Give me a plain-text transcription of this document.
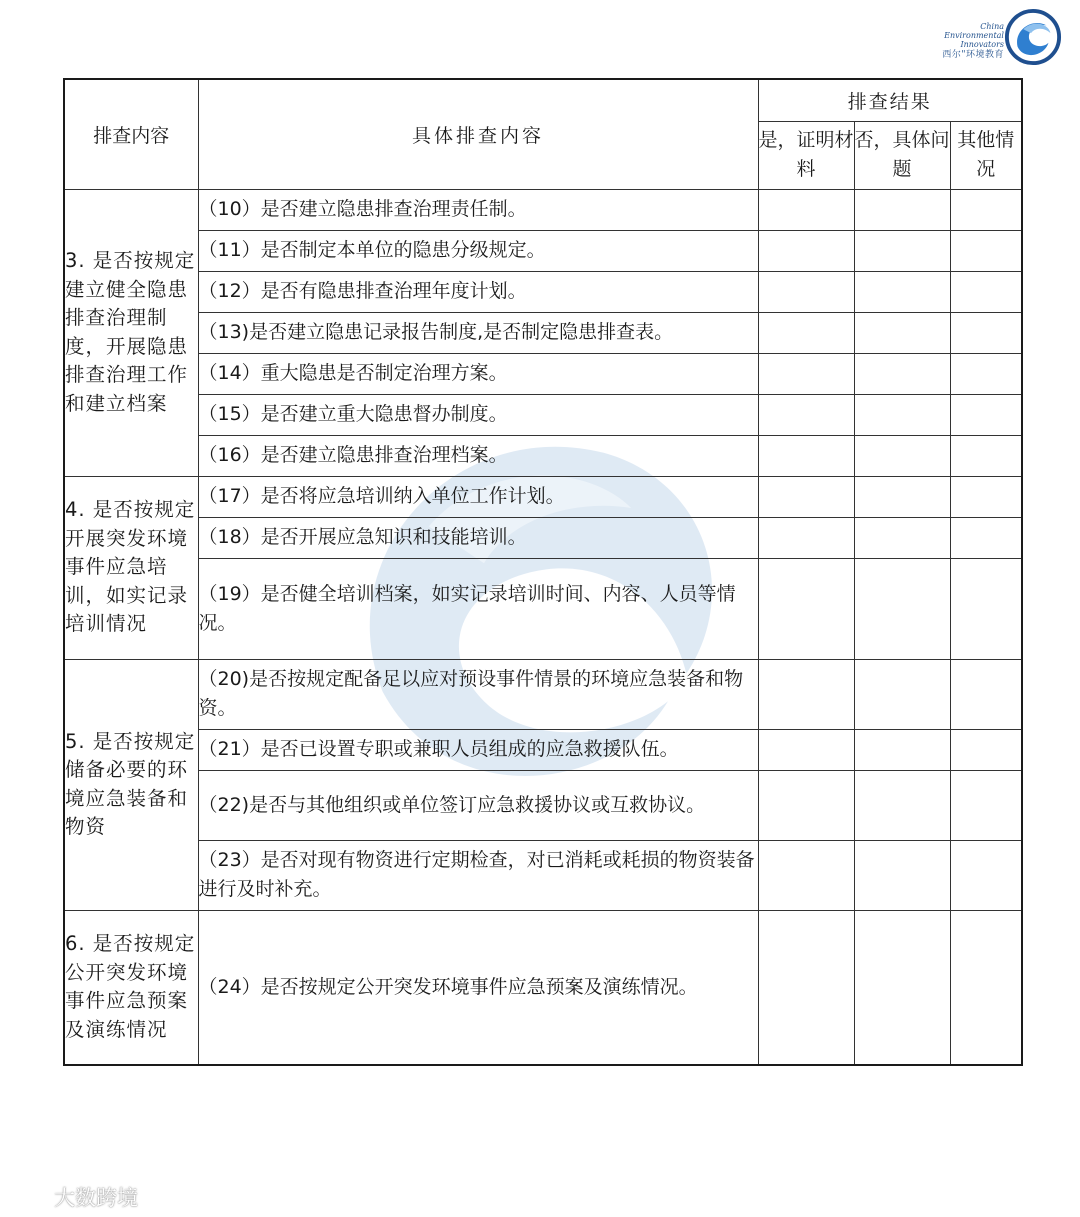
China
Environmental
Innovators
西尔"环境教育
排查内容	具体排查内容	排查结果		
		是，证明材料	否，具体问题	其他情况
3. 是否按规定建立健全隐患排查治理制度，开展隐患排查治理工作和建立档案	（10）是否建立隐患排查治理责任制。			
	（11）是否制定本单位的隐患分级规定。			
	（12）是否有隐患排查治理年度计划。			
	（13)是否建立隐患记录报告制度,是否制定隐患排查表。			
	（14）重大隐患是否制定治理方案。			
	（15）是否建立重大隐患督办制度。			
	（16）是否建立隐患排查治理档案。			
4. 是否按规定开展突发环境事件应急培训，如实记录培训情况	（17）是否将应急培训纳入单位工作计划。			
	（18）是否开展应急知识和技能培训。			
	（19）是否健全培训档案，如实记录培训时间、内容、人员等情况。			
5. 是否按规定储备必要的环境应急装备和物资	（20)是否按规定配备足以应对预设事件情景的环境应急装备和物资。			
	（21）是否已设置专职或兼职人员组成的应急救援队伍。			
	（22)是否与其他组织或单位签订应急救援协议或互救协议。			
	（23）是否对现有物资进行定期检查，对已消耗或耗损的物资装备进行及时补充。			
6. 是否按规定公开突发环境事件应急预案及演练情况	（24）是否按规定公开突发环境事件应急预案及演练情况。			
大数跨境
